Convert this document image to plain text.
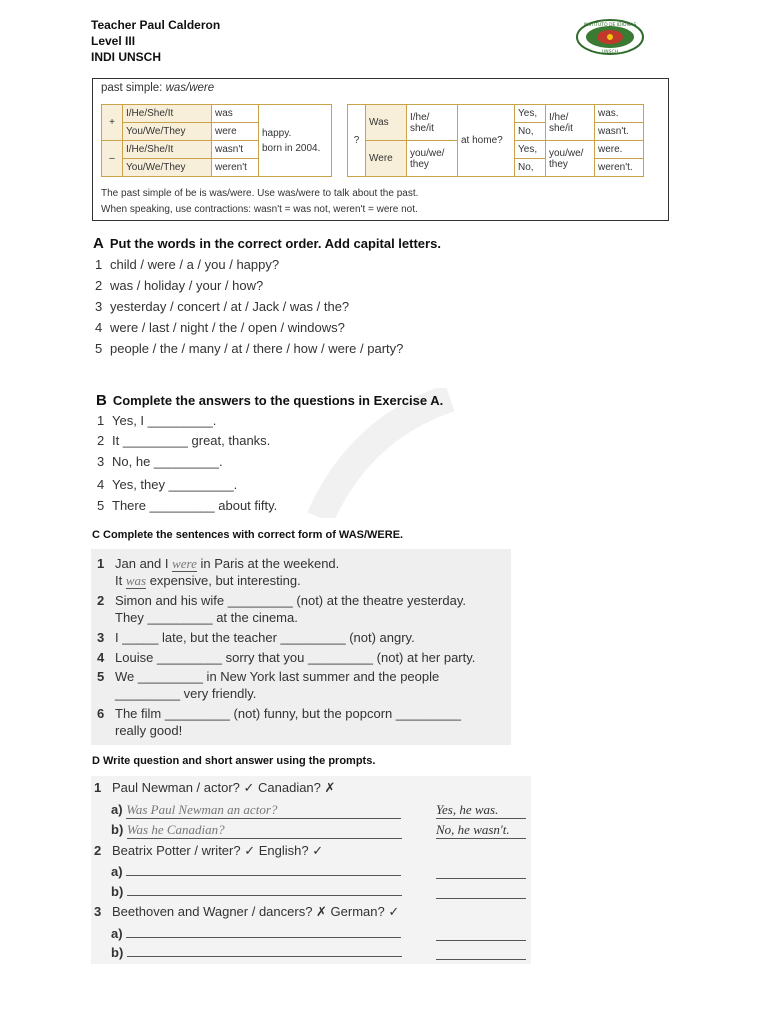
Teacher Paul Calderon
Level III
INDI UNSCH
INSTITUTO DE IDIOMAS
UNSCH
past simple: was/were
+	I/He/She/It	was	happy.
born in 2004.
	You/We/They	were	
–	I/He/She/It	wasn't	
	You/We/They	weren't	
?	Was	I/he/ she/it	at home?	Yes,	I/he/ she/it	was.
				No,		wasn't.
	Were	you/we/ they		Yes,	you/we/ they	were.
				No,		weren't.
The past simple of be is was/were. Use was/were to talk about the past.
When speaking, use contractions: wasn't = was not, weren't = were not.
A Put the words in the correct order. Add capital letters.
1 child / were / a / you / happy?
2 was / holiday / your / how?
3 yesterday / concert / at / Jack / was / the?
4 were / last / night / the / open / windows?
5 people / the / many / at / there / how / were / party?
B Complete the answers to the questions in Exercise A.
1 Yes, I _________.
2 It _________ great, thanks.
3 No, he _________.
4 Yes, they _________.
5 There _________ about fifty.
C Complete the sentences with correct form of WAS/WERE.
1 Jan and I were in Paris at the weekend.
It was expensive, but interesting.
2 Simon and his wife _________ (not) at the theatre yesterday.
They _________ at the cinema.
3 I _____ late, but the teacher _________ (not) angry.
4 Louise _________ sorry that you _________ (not) at her party.
5 We _________ in New York last summer and the people
_________ very friendly.
6 The film _________ (not) funny, but the popcorn _________
really good!
D Write question and short answer using the prompts.
1 Paul Newman / actor? ✓ Canadian? ✗
a) Was Paul Newman an actor?	Yes, he was.
b) Was he Canadian?	No, he wasn't.
2 Beatrix Potter / writer? ✓ English? ✓
a)
b)
3 Beethoven and Wagner / dancers? ✗ German? ✓
a)
b)
